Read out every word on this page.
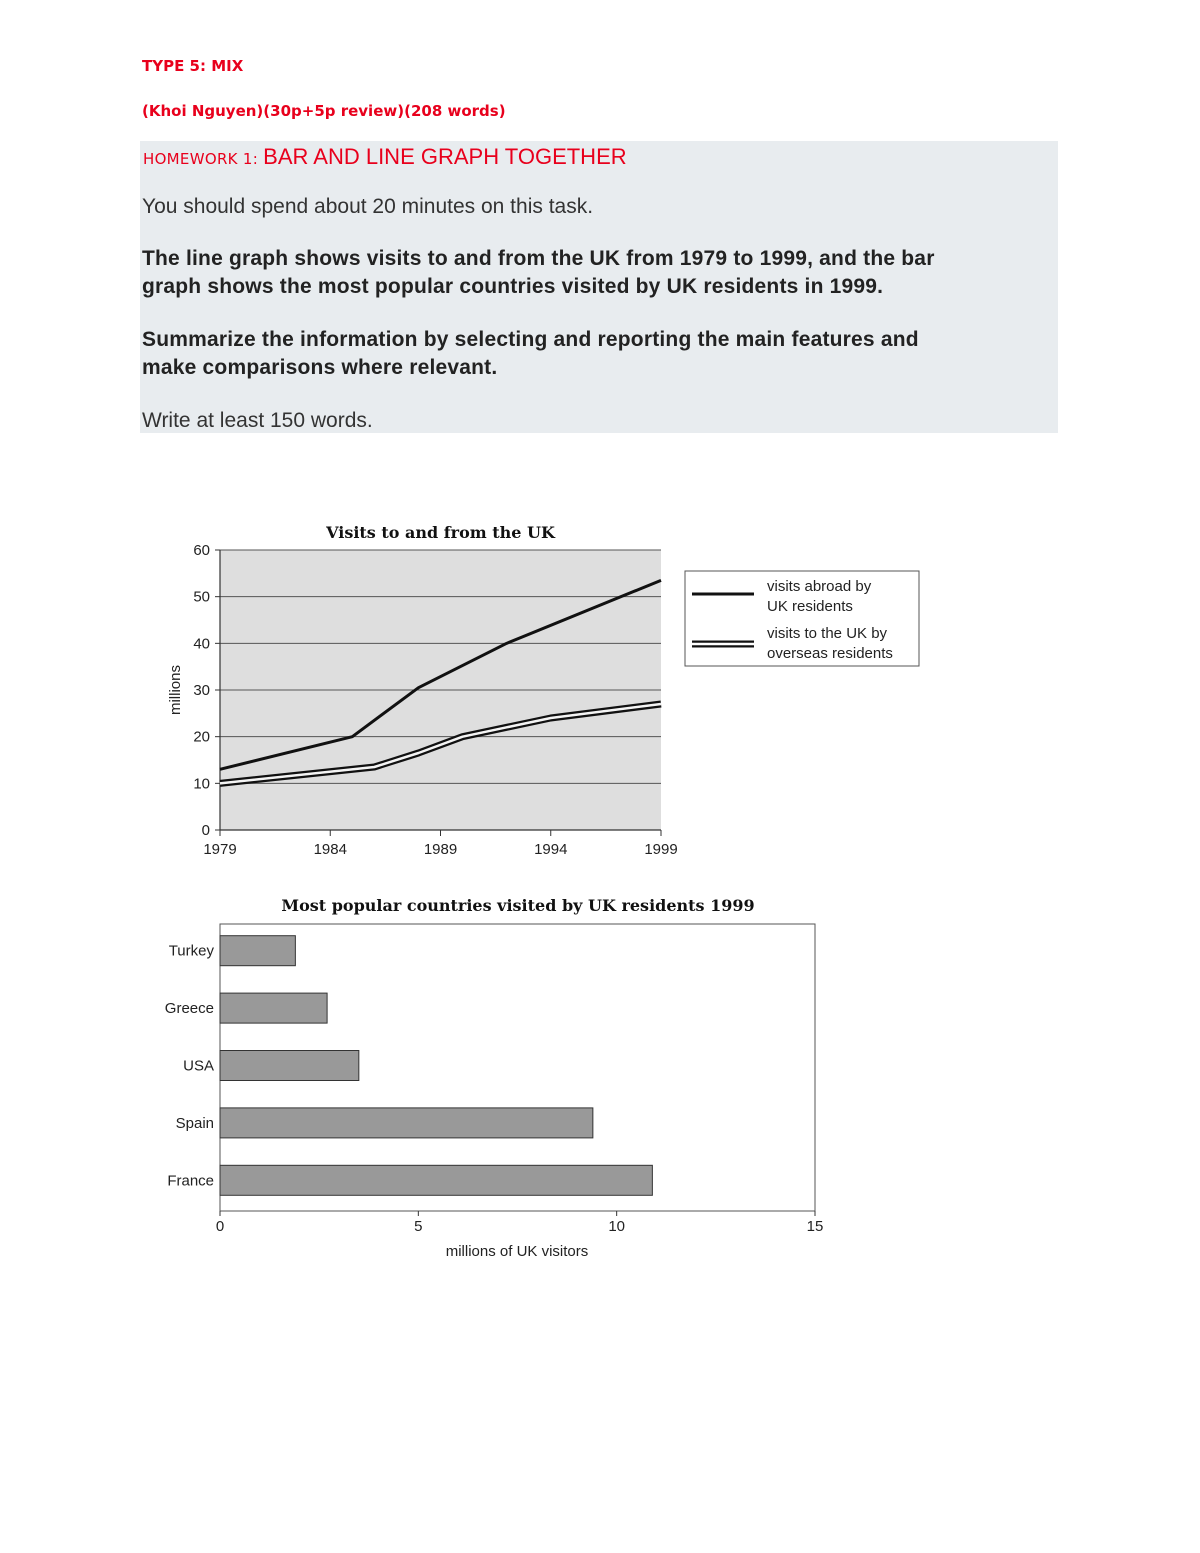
TYPE 5: MIX
(Khoi Nguyen)(30p+5p review)(208 words)
HOMEWORK 1: BAR AND LINE GRAPH TOGETHER

You should spend about 20 minutes on this task.

The line graph shows visits to and from the UK from 1979 to 1999, and the bar

graph shows the most popular countries visited by UK residents in 1999.

Summarize the information by selecting and reporting the main features and

make comparisons where relevant.

Write at least 150 words.

Visits to and from the UK
0
10
20
30
40
50
60
1979	1984	1989	1994	1999
millions
visits abroad by
UK residents
visits to the UK by
overseas residents
Most popular countries visited by UK residents 1999
Turkey
Greece
USA
Spain
France
0	5	10	15
millions of UK visitors
